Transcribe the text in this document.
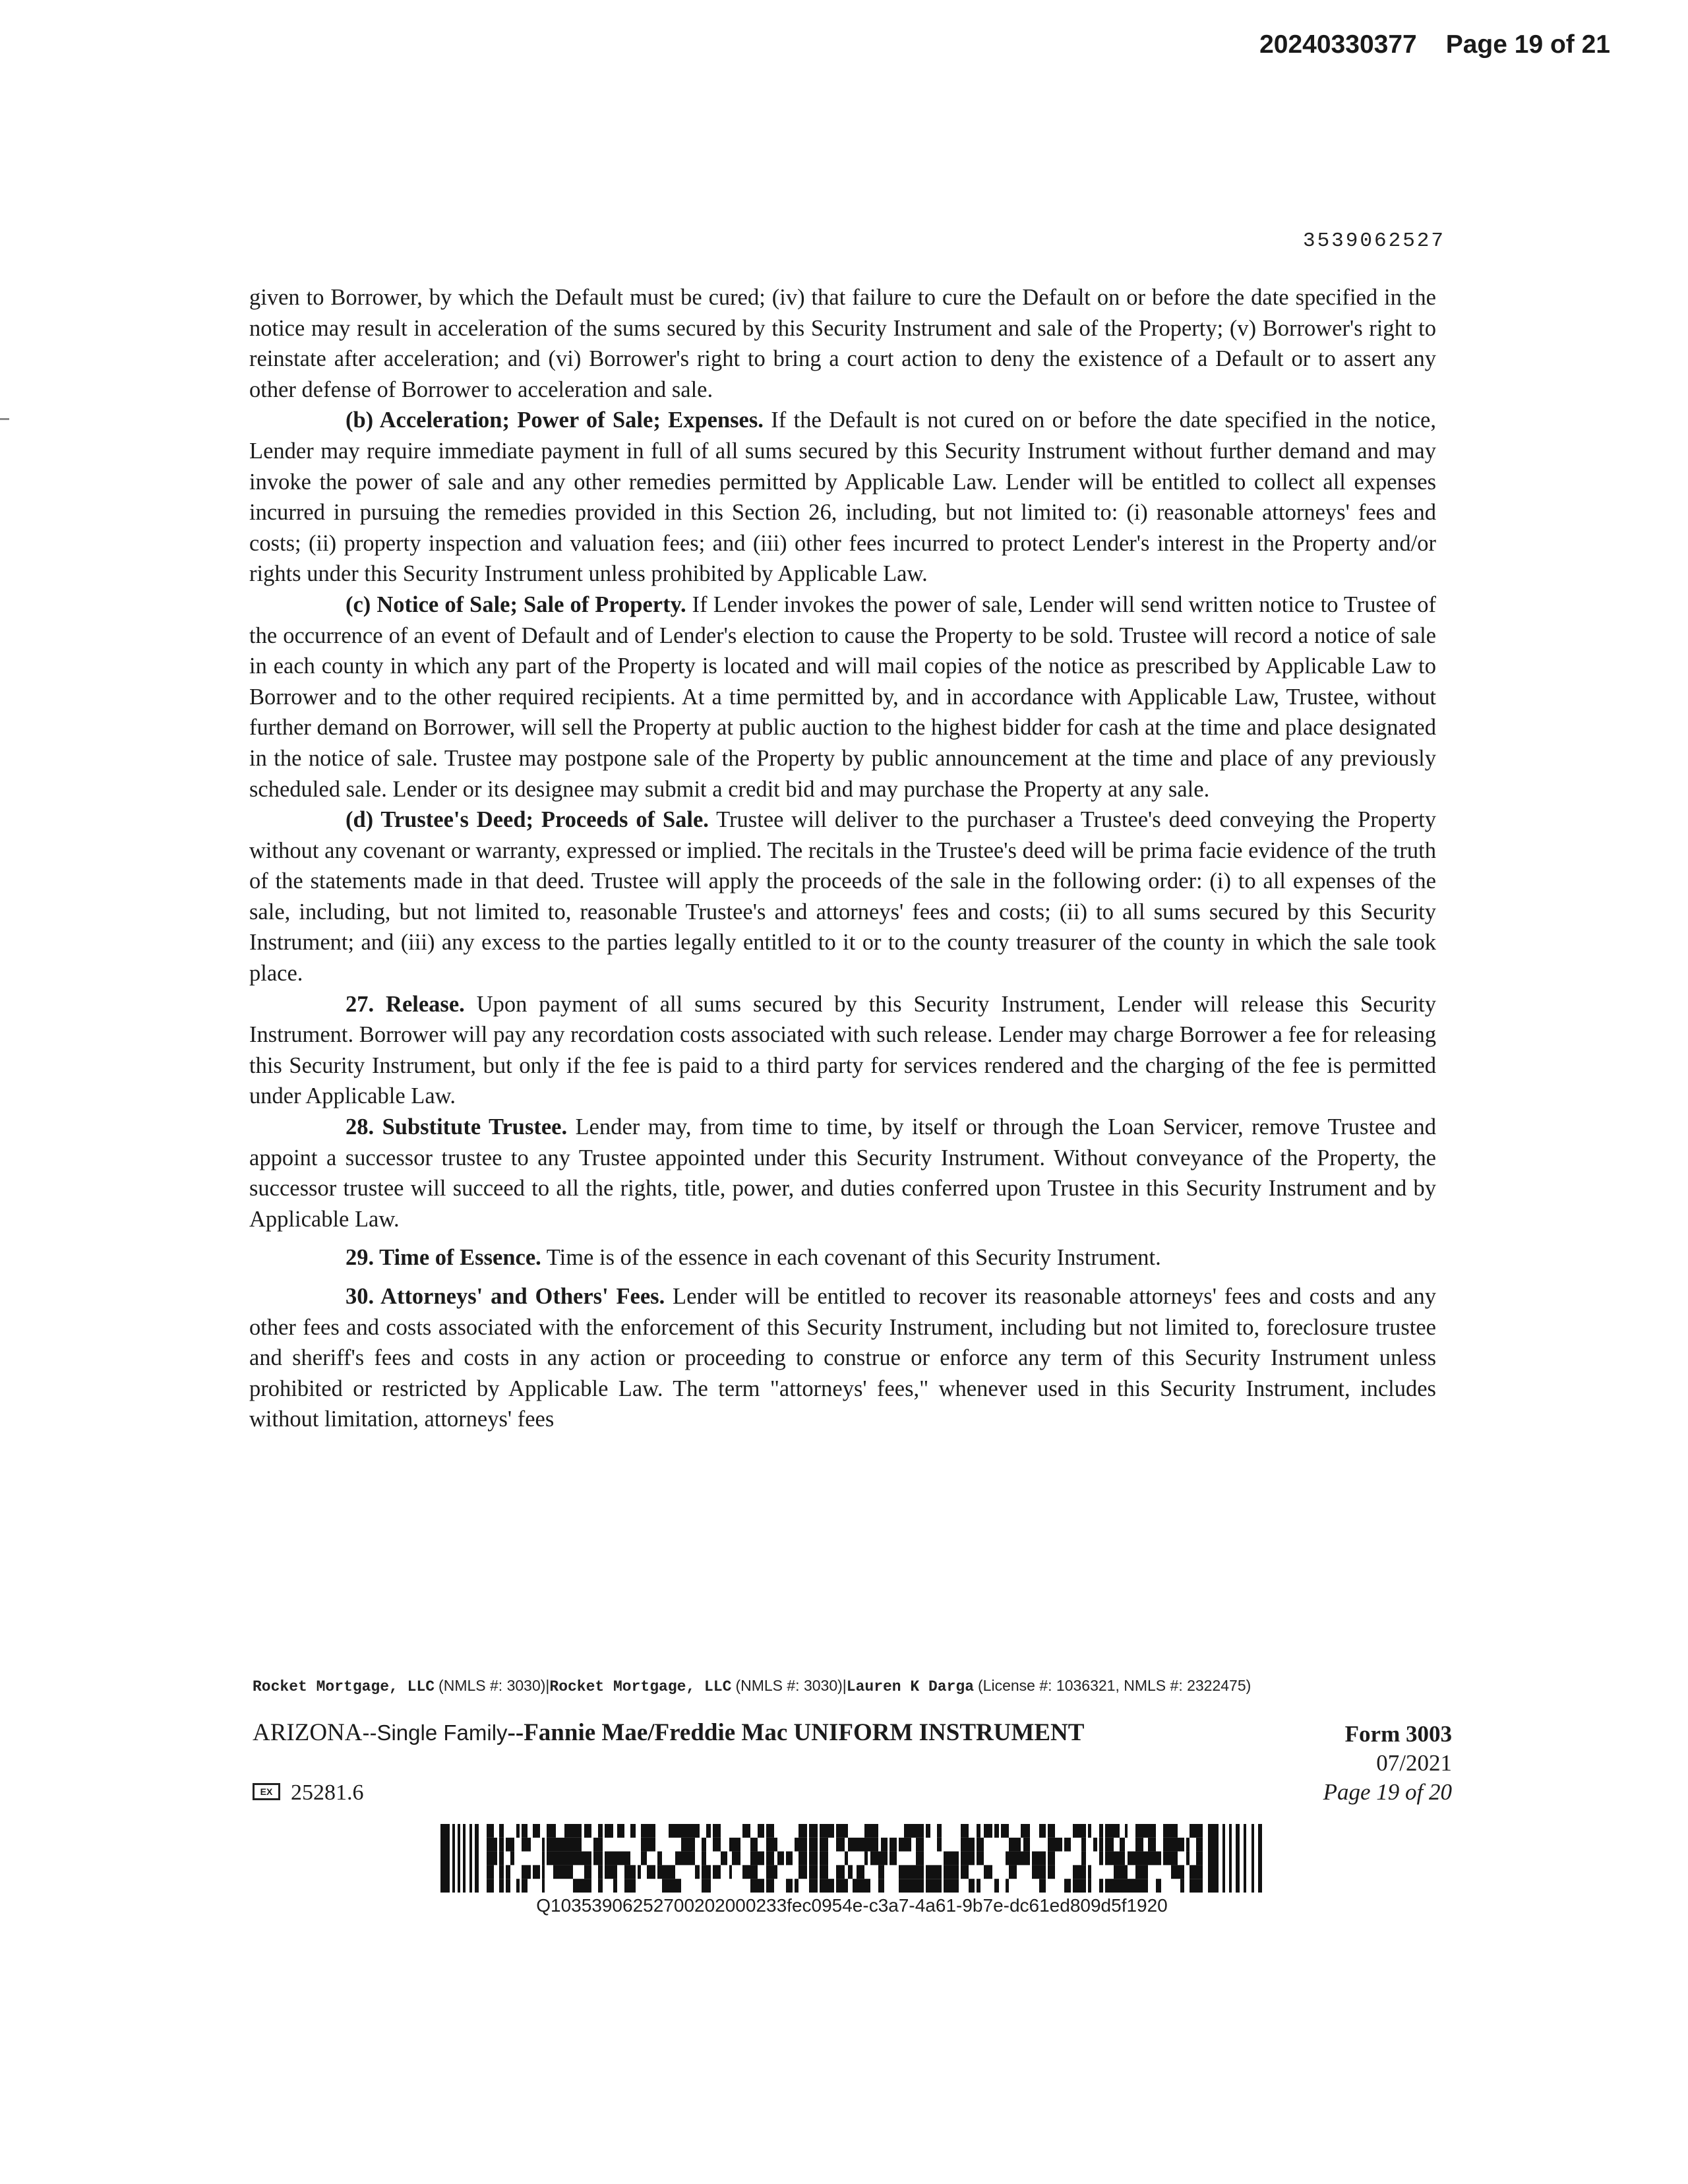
20240330377 Page 19 of 21
3539062527

given to Borrower, by which the Default must be cured; (iv) that failure to cure the Default on or before the date specified in the notice may result in acceleration of the sums secured by this Security Instrument and sale of the Property; (v) Borrower's right to reinstate after acceleration; and (vi) Borrower's right to bring a court action to deny the existence of a Default or to assert any other defense of Borrower to acceleration and sale.

(b) Acceleration; Power of Sale; Expenses. If the Default is not cured on or before the date specified in the notice, Lender may require immediate payment in full of all sums secured by this Security Instrument without further demand and may invoke the power of sale and any other remedies permitted by Applicable Law. Lender will be entitled to collect all expenses incurred in pursuing the remedies provided in this Section 26, including, but not limited to: (i) reasonable attorneys' fees and costs; (ii) property inspection and valuation fees; and (iii) other fees incurred to protect Lender's interest in the Property and/or rights under this Security Instrument unless prohibited by Applicable Law.

(c) Notice of Sale; Sale of Property. If Lender invokes the power of sale, Lender will send written notice to Trustee of the occurrence of an event of Default and of Lender's election to cause the Property to be sold. Trustee will record a notice of sale in each county in which any part of the Property is located and will mail copies of the notice as prescribed by Applicable Law to Borrower and to the other required recipients. At a time permitted by, and in accordance with Applicable Law, Trustee, without further demand on Borrower, will sell the Property at public auction to the highest bidder for cash at the time and place designated in the notice of sale. Trustee may postpone sale of the Property by public announcement at the time and place of any previously scheduled sale. Lender or its designee may submit a credit bid and may purchase the Property at any sale.

(d) Trustee's Deed; Proceeds of Sale. Trustee will deliver to the purchaser a Trustee's deed conveying the Property without any covenant or warranty, expressed or implied. The recitals in the Trustee's deed will be prima facie evidence of the truth of the statements made in that deed. Trustee will apply the proceeds of the sale in the following order: (i) to all expenses of the sale, including, but not limited to, reasonable Trustee's and attorneys' fees and costs; (ii) to all sums secured by this Security Instrument; and (iii) any excess to the parties legally entitled to it or to the county treasurer of the county in which the sale took place.

27. Release. Upon payment of all sums secured by this Security Instrument, Lender will release this Security Instrument. Borrower will pay any recordation costs associated with such release. Lender may charge Borrower a fee for releasing this Security Instrument, but only if the fee is paid to a third party for services rendered and the charging of the fee is permitted under Applicable Law.

28. Substitute Trustee. Lender may, from time to time, by itself or through the Loan Servicer, remove Trustee and appoint a successor trustee to any Trustee appointed under this Security Instrument. Without conveyance of the Property, the successor trustee will succeed to all the rights, title, power, and duties conferred upon Trustee in this Security Instrument and by Applicable Law.

29. Time of Essence. Time is of the essence in each covenant of this Security Instrument.

30. Attorneys' and Others' Fees. Lender will be entitled to recover its reasonable attorneys' fees and costs and any other fees and costs associated with the enforcement of this Security Instrument, including but not limited to, foreclosure trustee and sheriff's fees and costs in any action or proceeding to construe or enforce any term of this Security Instrument unless prohibited or restricted by Applicable Law. The term "attorneys' fees," whenever used in this Security Instrument, includes without limitation, attorneys' fees

Rocket Mortgage, LLC (NMLS #: 3030)|Rocket Mortgage, LLC (NMLS #: 3030)|Lauren K Darga (License #: 1036321, NMLS #: 2322475)
ARIZONA--Single Family--Fannie Mae/Freddie Mac UNIFORM INSTRUMENT	Form 3003
07/2021
Page 19 of 20
EX 25281.6
Q10353906252700202000233fec0954e-c3a7-4a61-9b7e-dc61ed809d5f1920
